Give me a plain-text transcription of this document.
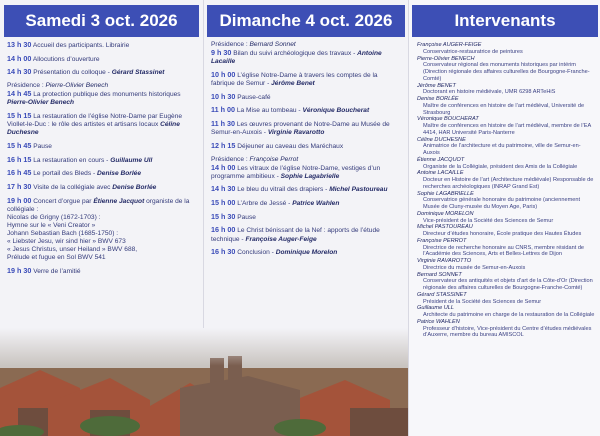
Samedi 3 oct. 2026
13 h 30 Accueil des participants. Librairie
14 h 00 Allocutions d’ouverture
14 h 30 Présentation du colloque - Gérard Stassinet
Présidence : Pierre-Olivier Benech
14 h 45 La protection publique des monuments historiques Pierre-Olivier Benech
15 h 15 La restauration de l’église Notre-Dame par Eugène Viollet-le-Duc : le rôle des artistes et artisans locaux Céline Duchesne
15 h 45 Pause
16 h 15 La restauration en cours - Guillaume Ull
16 h 45 Le portail des Bleds - Denise Borlée
17 h 30 Visite de la collégiale avec Denise Borlée
19 h 00 Concert d’orgue par Étienne Jacquot organiste de la collégiale :
Nicolas de Grigny (1672-1703) :
Hymne sur le « Veni Creator »
Johann Sebastian Bach (1685-1750) :
« Liebster Jesu, wir sind hier » BWV 673
« Jesus Christus, unser Heiland » BWV 688,
Prélude et fugue en Sol BWV 541
19 h 30 Verre de l’amitié
Dimanche 4 oct. 2026
Présidence : Bernard Sonnet
9 h 30 Bilan du suivi archéologique des travaux - Antoine Lacaille
10 h 00 L’église Notre-Dame à travers les comptes de la fabrique de Semur - Jérôme Benet
10 h 30 Pause-café
11 h 00 La Mise au tombeau - Véronique Boucherat
11 h 30 Les œuvres provenant de Notre-Dame au Musée de Semur-en-Auxois - Virginie Ravarotto
12 h 15 Déjeuner au caveau des Maréchaux
Présidence : Françoise Perrot
14 h 00 Les vitraux de l’église Notre-Dame, vestiges d’un programme ambitieux - Sophie Lagabrielle
14 h 30 Le bleu du vitrail des drapiers - Michel Pastoureau
15 h 00 L’Arbre de Jessé - Patrice Wahlen
15 h 30 Pause
16 h 00 Le Christ bénissant de la Nef : apports de l’étude technique - Françoise Auger-Feige
16 h 30 Conclusion - Dominique Morelon
Intervenants
Françoise AUGER-FEIGE
Conservatrice-restauratrice de peintures
Pierre-Olivier BENECH
Conservateur régional des monuments historiques par intérim (Direction régionale des affaires culturelles de Bourgogne-Franche-Comté)
Jérôme BENET
Doctorant en histoire médiévale, UMR 6298 ARTeHiS
Denise BORLÉE
Maître de conférences en histoire de l’art médiéval, Université de Strasbourg
Véronique BOUCHERAT
Maître de conférences en histoire de l’art médiéval, membre de l’EA 4414, HAR Université Paris-Nanterre
Céline DUCHESNE
Animatrice de l’architecture et du patrimoine, ville de Semur-en-Auxois
Étienne JACQUOT
Organiste de la Collégiale, président des Amis de la Collégiale
Antoine LACAILLE
Docteur en Histoire de l’art (Architecture médiévale) Responsable de recherches archéologiques (INRAP Grand Est)
Sophie LAGABRIELLE
Conservatrice générale honoraire du patrimoine (anciennement Musée de Cluny-musée du Moyen Age, Paris)
Dominique MORELON
Vice-président de la Société des Sciences de Semur
Michel PASTOUREAU
Directeur d’études honoraire, École pratique des Hautes Études
Françoise PERROT
Directrice de recherche honoraire au CNRS, membre résidant de l’Académie des Sciences, Arts et Belles-Lettres de Dijon
Virginie RAVAROTTO
Directrice du musée de Semur-en-Auxois
Bernard SONNET
Conservateur des antiquités et objets d’art de la Côte-d’Or (Direction régionale des affaires culturelles de Bourgogne-Franche-Comté)
Gérard STASSINET
Président de la Société des Sciences de Semur
Guillaume ULL
Architecte du patrimoine en charge de la restauration de la Collégiale
Patrice WAHLEN
Professeur d’histoire, Vice-président du Centre d’études médiévales d’Auxerre, membre du bureau AMISCOL
